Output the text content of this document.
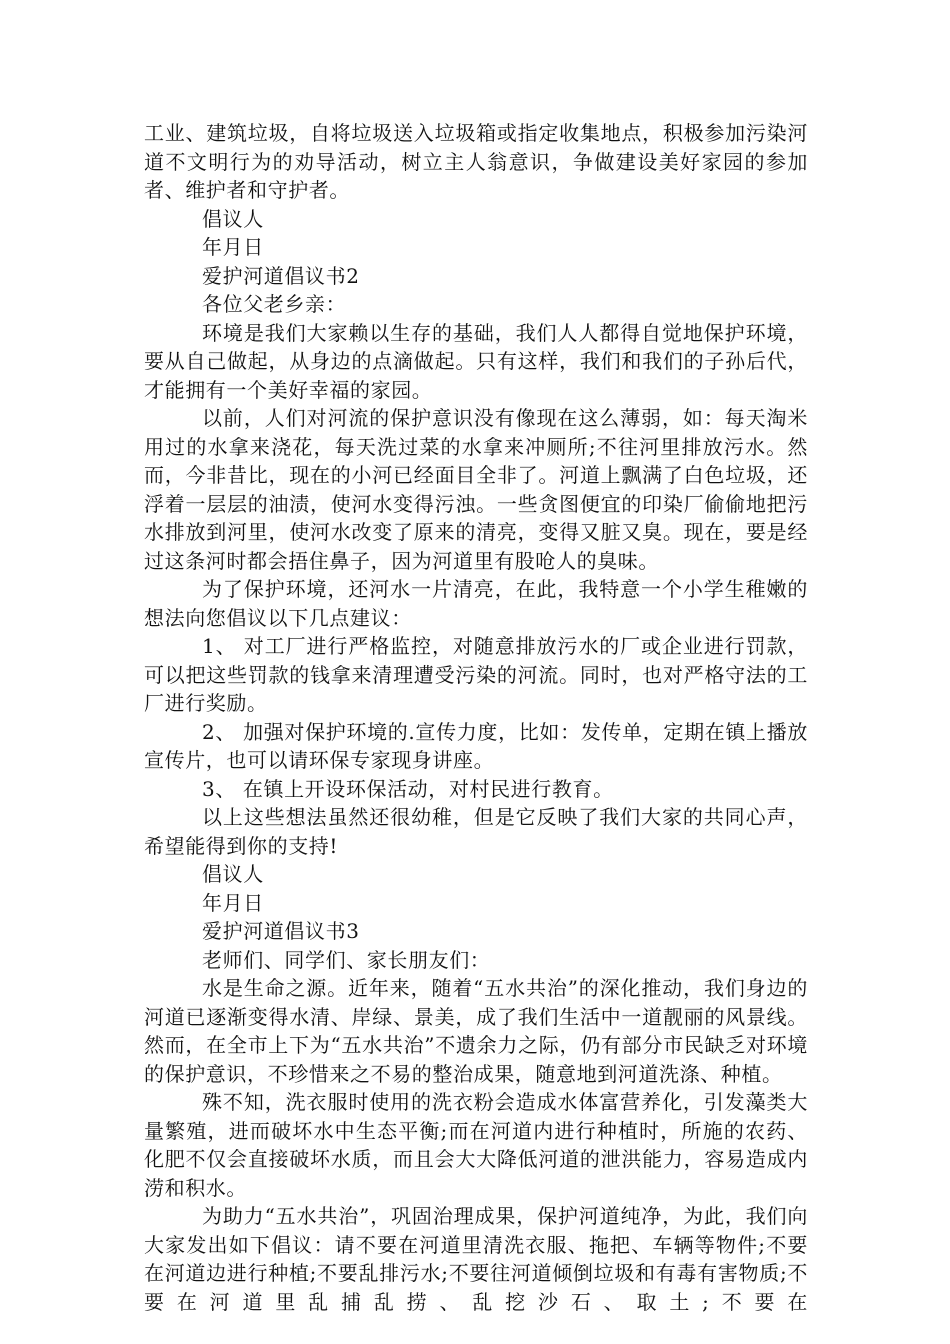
工业、建筑垃圾，自将垃圾送入垃圾箱或指定收集地点，积极参加污染河道不文明行为的劝导活动，树立主人翁意识，争做建设美好家园的参加者、维护者和守护者。

倡议人

年月日

爱护河道倡议书2

各位父老乡亲：

环境是我们大家赖以生存的基础，我们人人都得自觉地保护环境，要从自己做起，从身边的点滴做起。只有这样，我们和我们的子孙后代，才能拥有一个美好幸福的家园。

以前，人们对河流的保护意识没有像现在这么薄弱，如：每天淘米用过的水拿来浇花，每天洗过菜的水拿来冲厕所;不往河里排放污水。然而，今非昔比，现在的小河已经面目全非了。河道上飘满了白色垃圾，还浮着一层层的油渍，使河水变得污浊。一些贪图便宜的印染厂偷偷地把污水排放到河里，使河水改变了原来的清亮，变得又脏又臭。现在，要是经过这条河时都会捂住鼻子，因为河道里有股呛人的臭味。

为了保护环境，还河水一片清亮，在此，我特意一个小学生稚嫩的想法向您倡议以下几点建议：

1、 对工厂进行严格监控，对随意排放污水的厂或企业进行罚款，可以把这些罚款的钱拿来清理遭受污染的河流。同时，也对严格守法的工厂进行奖励。

2、 加强对保护环境的.宣传力度，比如：发传单，定期在镇上播放宣传片，也可以请环保专家现身讲座。

3、 在镇上开设环保活动，对村民进行教育。

以上这些想法虽然还很幼稚，但是它反映了我们大家的共同心声，希望能得到你的支持!

倡议人

年月日

爱护河道倡议书3

老师们、同学们、家长朋友们：

水是生命之源。近年来，随着“五水共治”的深化推动，我们身边的河道已逐渐变得水清、岸绿、景美，成了我们生活中一道靓丽的风景线。然而，在全市上下为“五水共治”不遗余力之际，仍有部分市民缺乏对环境的保护意识，不珍惜来之不易的整治成果，随意地到河道洗涤、种植。

殊不知，洗衣服时使用的洗衣粉会造成水体富营养化，引发藻类大量繁殖，进而破坏水中生态平衡;而在河道内进行种植时，所施的农药、化肥不仅会直接破坏水质，而且会大大降低河道的泄洪能力，容易造成内涝和积水。

为助力“五水共治”，巩固治理成果，保护河道纯净，为此，我们向大家发出如下倡议：请不要在河道里清洗衣服、拖把、车辆等物件;不要在河道边进行种植;不要乱排污水;不要往河道倾倒垃圾和有毒有害物质;不要在河道里乱捕乱捞、乱挖沙石、取土;不要在
